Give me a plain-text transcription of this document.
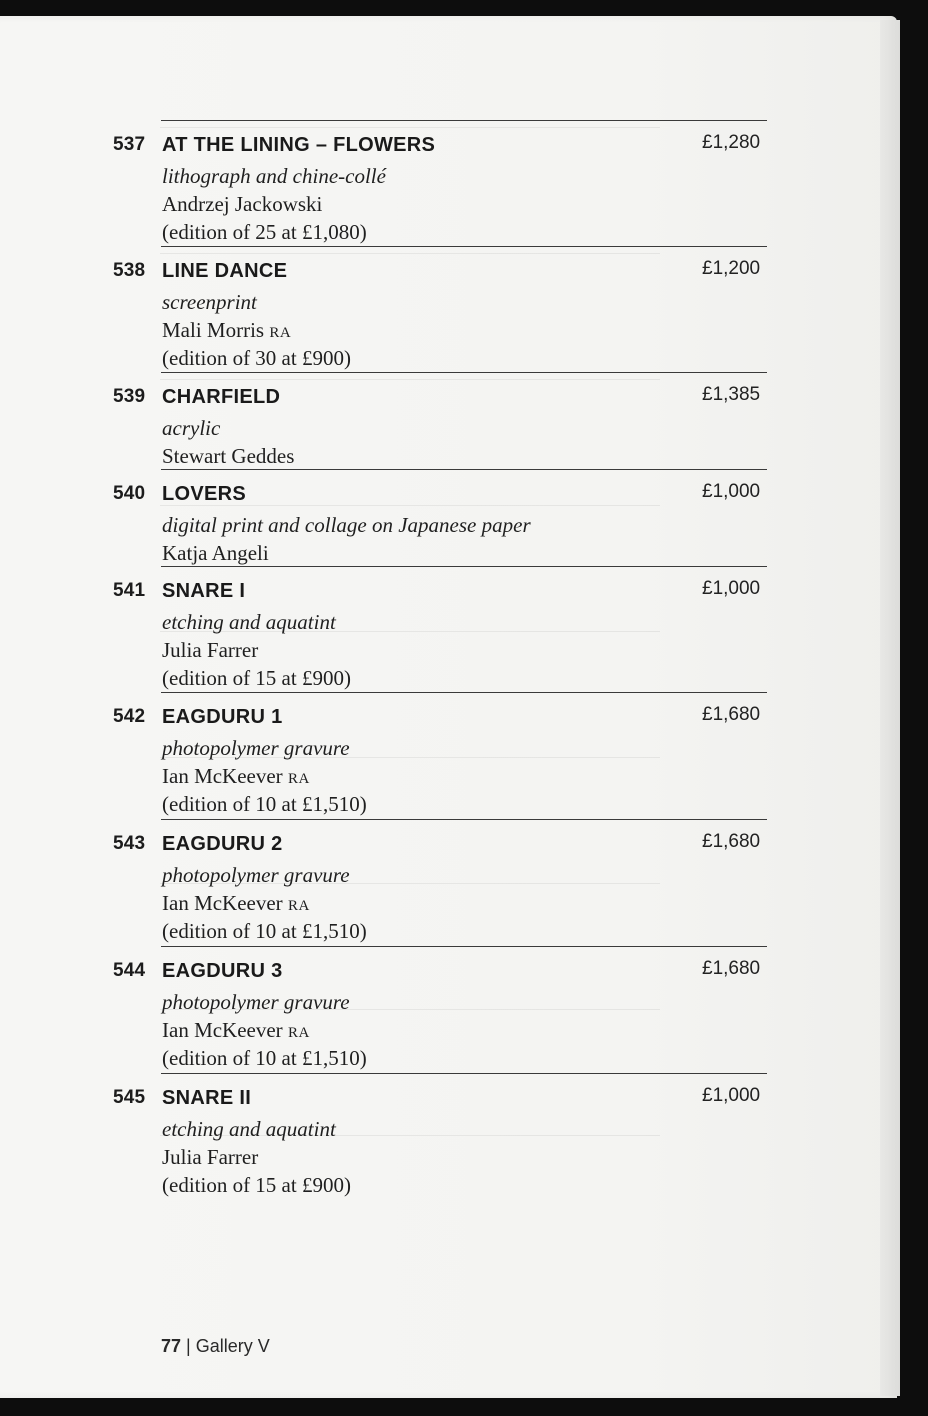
537 AT THE LINING – FLOWERS	£1,280
lithograph and chine-collé
Andrzej Jackowski
(edition of 25 at £1,080)
538 LINE DANCE	£1,200
screenprint
Mali Morris RA
(edition of 30 at £900)
539 CHARFIELD	£1,385
acrylic
Stewart Geddes
540 LOVERS	£1,000
digital print and collage on Japanese paper
Katja Angeli
541 SNARE I	£1,000
etching and aquatint
Julia Farrer
(edition of 15 at £900)
542 EAGDURU 1	£1,680
photopolymer gravure
Ian McKeever RA
(edition of 10 at £1,510)
543 EAGDURU 2	£1,680
photopolymer gravure
Ian McKeever RA
(edition of 10 at £1,510)
544 EAGDURU 3	£1,680
photopolymer gravure
Ian McKeever RA
(edition of 10 at £1,510)
545 SNARE II	£1,000
etching and aquatint
Julia Farrer
(edition of 15 at £900)
77 | Gallery V
